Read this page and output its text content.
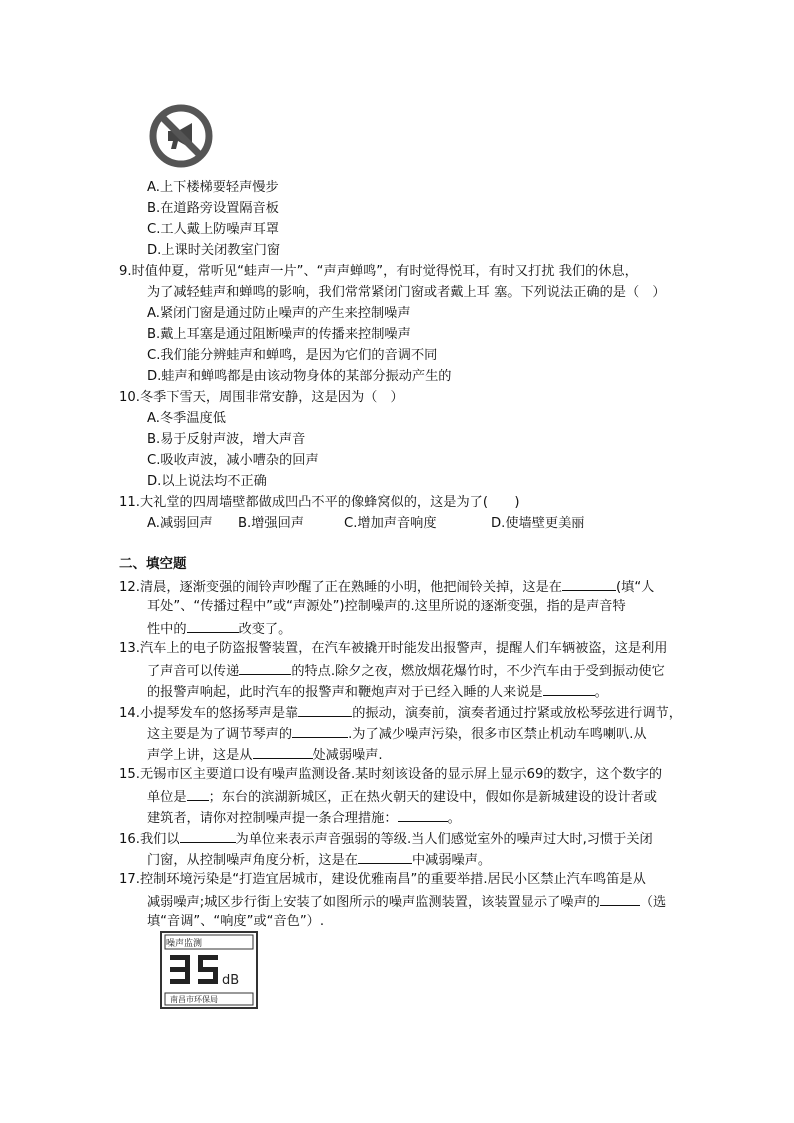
A.上下楼梯要轻声慢步
B.在道路旁设置隔音板
C.工人戴上防噪声耳罩
D.上课时关闭教室门窗
9.时值仲夏，常听见“蛙声一片”、“声声蝉鸣”，有时觉得悦耳，有时又打扰 我们的休息，
为了减轻蛙声和蝉鸣的影响，我们常常紧闭门窗或者戴上耳 塞。下列说法正确的是（　）
A.紧闭门窗是通过防止噪声的产生来控制噪声
B.戴上耳塞是通过阻断噪声的传播来控制噪声
C.我们能分辨蛙声和蝉鸣，是因为它们的音调不同
D.蛙声和蝉鸣都是由该动物身体的某部分振动产生的
10.冬季下雪天，周围非常安静，这是因为（　）
A.冬季温度低
B.易于反射声波，增大声音
C.吸收声波，减小嘈杂的回声
D.以上说法均不正确
11.大礼堂的四周墙壁都做成凹凸不平的像蜂窝似的，这是为了(　　)
A.减弱回声 B.增强回声	C.增加声音响度	D.使墙壁更美丽
二、填空题
12.清晨，逐渐变强的闹铃声吵醒了正在熟睡的小明，他把闹铃关掉，这是在	(填“人
耳处”、“传播过程中”或“声源处”)控制噪声的.这里所说的逐渐变强，指的是声音特
性中的	改变了。
13.汽车上的电子防盗报警装置，在汽车被撬开时能发出报警声，提醒人们车辆被盗，这是利用
了声音可以传递	的特点.除夕之夜，燃放烟花爆竹时，不少汽车由于受到振动使它
的报警声响起，此时汽车的报警声和鞭炮声对于已经入睡的人来说是	。
14.小提琴发车的悠扬琴声是靠	的振动，演奏前，演奏者通过拧紧或放松琴弦进行调节，
这主要是为了调节琴声的	.为了减少噪声污染，很多市区禁止机动车鸣喇叭.从
声学上讲，这是从	处减弱噪声.
15.无锡市区主要道口设有噪声监测设备.某时刻该设备的显示屏上显示69的数字，这个数字的
单位是 ；东台的滨湖新城区，正在热火朝天的建设中，假如你是新城建设的设计者或
建筑者，请你对控制噪声提一条合理措施：	。
16.我们以	为单位来表示声音强弱的等级.当人们感觉室外的噪声过大时,习惯于关闭
门窗，从控制噪声角度分析，这是在	中减弱噪声。
17.控制环境污染是“打造宜居城市，建设优雅南昌”的重要举措.居民小区禁止汽车鸣笛是从
减弱噪声;城区步行街上安装了如图所示的噪声监测装置，该装置显示了噪声的	（选
填“音调”、“响度”或“音色”）.
噪声监测
dB
南昌市环保局
